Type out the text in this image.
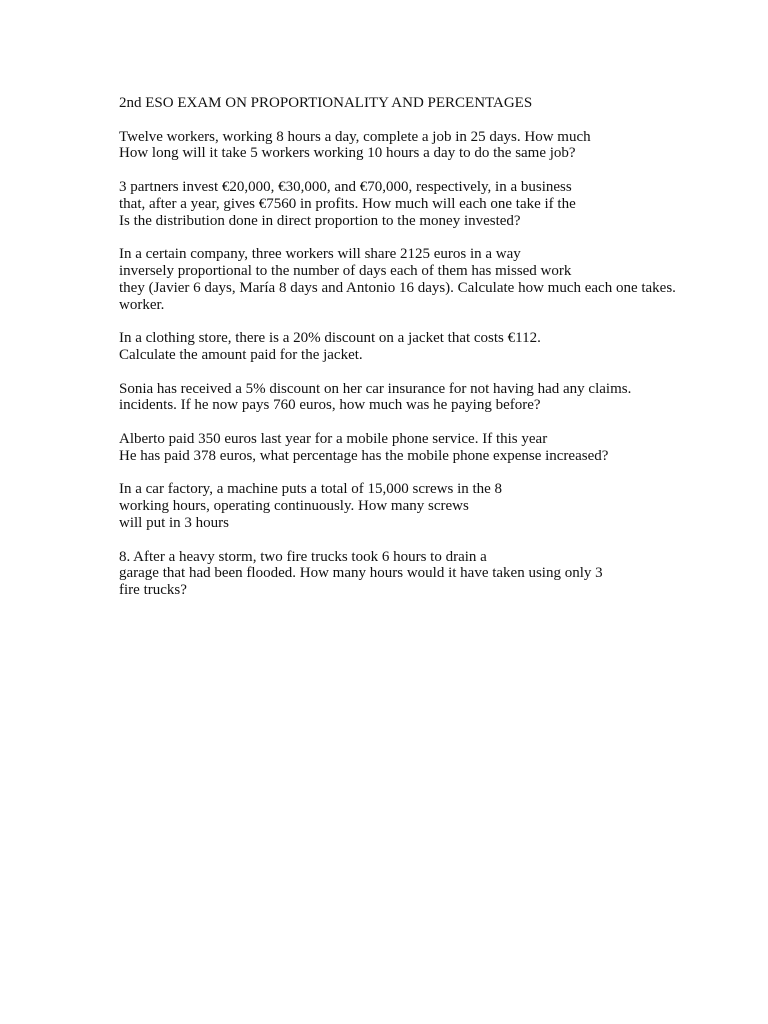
2nd ESO EXAM ON PROPORTIONALITY AND PERCENTAGES
Twelve workers, working 8 hours a day, complete a job in 25 days. How much
How long will it take 5 workers working 10 hours a day to do the same job?
3 partners invest €20,000, €30,000, and €70,000, respectively, in a business
that, after a year, gives €7560 in profits. How much will each one take if the
Is the distribution done in direct proportion to the money invested?
In a certain company, three workers will share 2125 euros in a way
inversely proportional to the number of days each of them has missed work
they (Javier 6 days, María 8 days and Antonio 16 days). Calculate how much each one takes.
worker.
In a clothing store, there is a 20% discount on a jacket that costs €112.
Calculate the amount paid for the jacket.
Sonia has received a 5% discount on her car insurance for not having had any claims.
incidents. If he now pays 760 euros, how much was he paying before?
Alberto paid 350 euros last year for a mobile phone service. If this year
He has paid 378 euros, what percentage has the mobile phone expense increased?
In a car factory, a machine puts a total of 15,000 screws in the 8
working hours, operating continuously. How many screws
will put in 3 hours
8. After a heavy storm, two fire trucks took 6 hours to drain a
garage that had been flooded. How many hours would it have taken using only 3
fire trucks?
